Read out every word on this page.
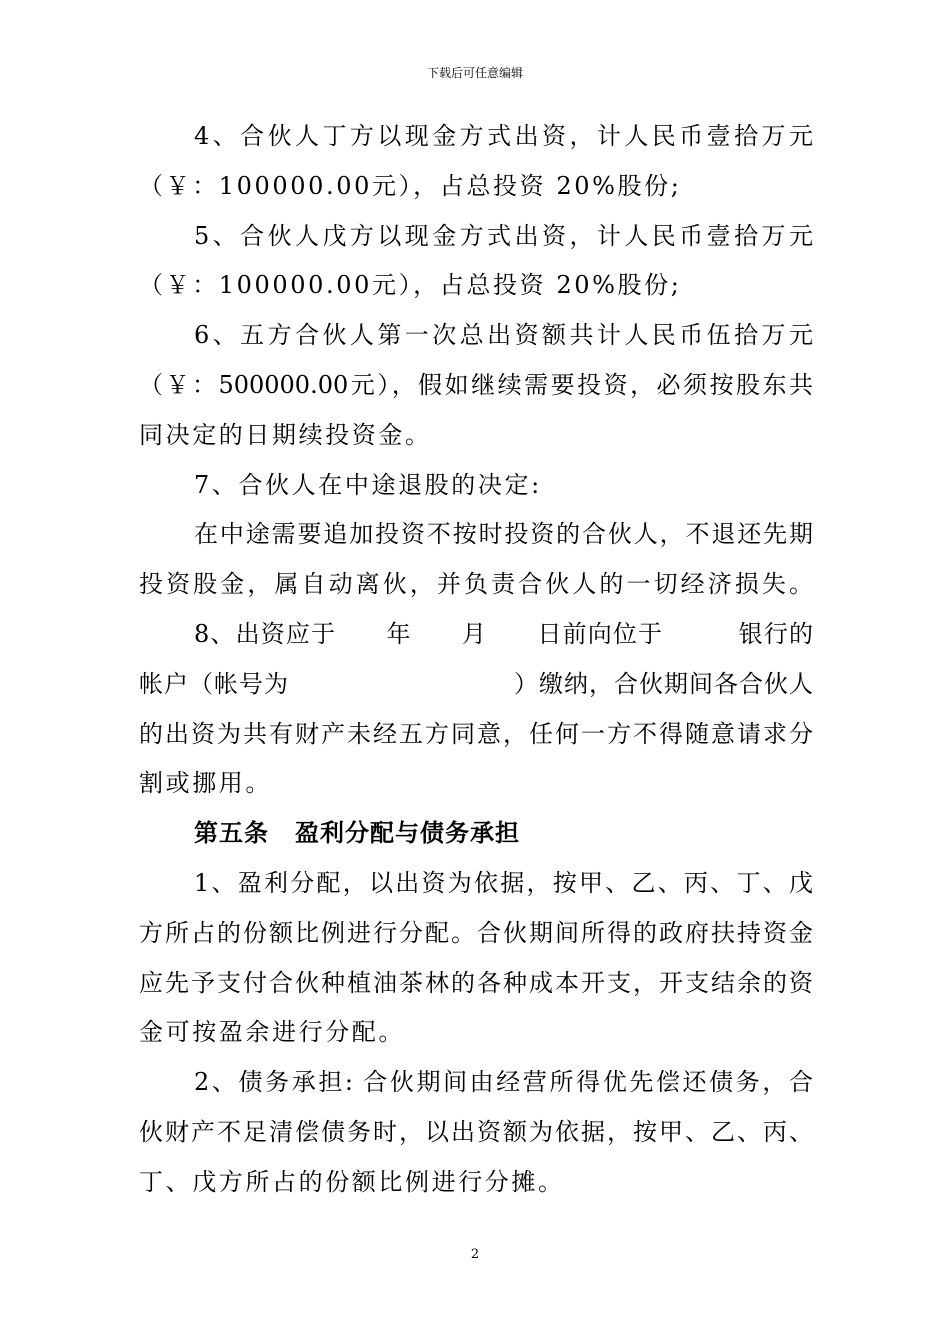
下载后可任意编辑
4、合伙人丁方以现金方式出资，计人民币壹拾万元
（￥：100000.00元），占总投资 20%股份;
5、合伙人戊方以现金方式出资，计人民币壹拾万元
（￥：100000.00元），占总投资 20%股份;
6、五方合伙人第一次总出资额共计人民币伍拾万元
（￥：500000.00元），假如继续需要投资，必须按股东共
同决定的日期续投资金。
7、合伙人在中途退股的决定:
在中途需要追加投资不按时投资的合伙人，不退还先期
投资股金，属自动离伙，并负责合伙人的一切经济损失。
8、出资应于　　年　　月　　日前向位于　　　银行的
帐户（帐号为　　　　　　　　　）缴纳，合伙期间各合伙人
的出资为共有财产未经五方同意，任何一方不得随意请求分
割或挪用。
第五条 盈利分配与债务承担
1、盈利分配，以出资为依据，按甲、乙、丙、丁、戊
方所占的份额比例进行分配。合伙期间所得的政府扶持资金
应先予支付合伙种植油茶林的各种成本开支，开支结余的资
金可按盈余进行分配。
2、债务承担: 合伙期间由经营所得优先偿还债务，合
伙财产不足清偿债务时，以出资额为依据，按甲、乙、丙、
丁、戊方所占的份额比例进行分摊。
2
